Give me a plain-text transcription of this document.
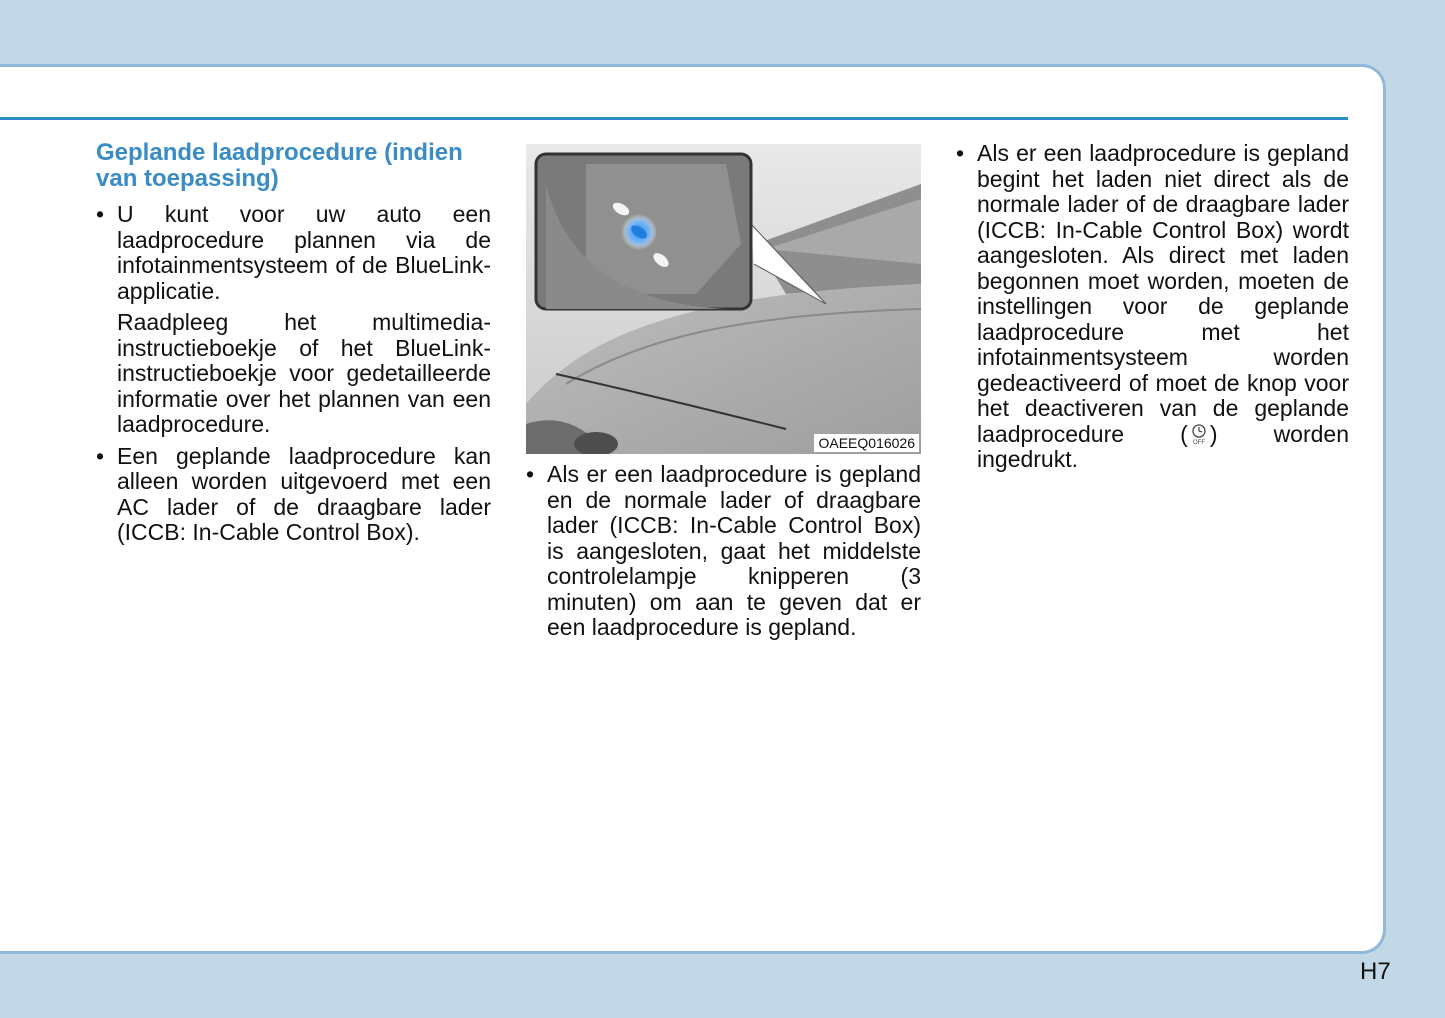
Geplande laadprocedure (indien van toepassing)
• U kunt voor uw auto een laadprocedure plannen via de infotainmentsysteem of de BlueLink-applicatie.
Raadpleeg het multimedia-instructieboekje of het BlueLink-instructieboekje voor gedetailleerde informatie over het plannen van een laadprocedure.
• Een geplande laadprocedure kan alleen worden uitgevoerd met een AC lader of de draagbare lader (ICCB: In-Cable Control Box).
OAEEQ016026
• Als er een laadprocedure is gepland en de normale lader of draagbare lader (ICCB: In-Cable Control Box) is aangesloten, gaat het middelste controlelampje knipperen (3 minuten) om aan te geven dat er een laadprocedure is gepland.
• Als er een laadprocedure is gepland begint het laden niet direct als de normale lader of de draagbare lader (ICCB: In-Cable Control Box) wordt aangesloten. Als direct met laden begonnen moet worden, moeten de instellingen voor de geplande laadprocedure met het infotainmentsysteem worden gedeactiveerd of moet de knop voor het deactiveren van de geplande laadprocedure ( OFF ) worden ingedrukt.
H7
